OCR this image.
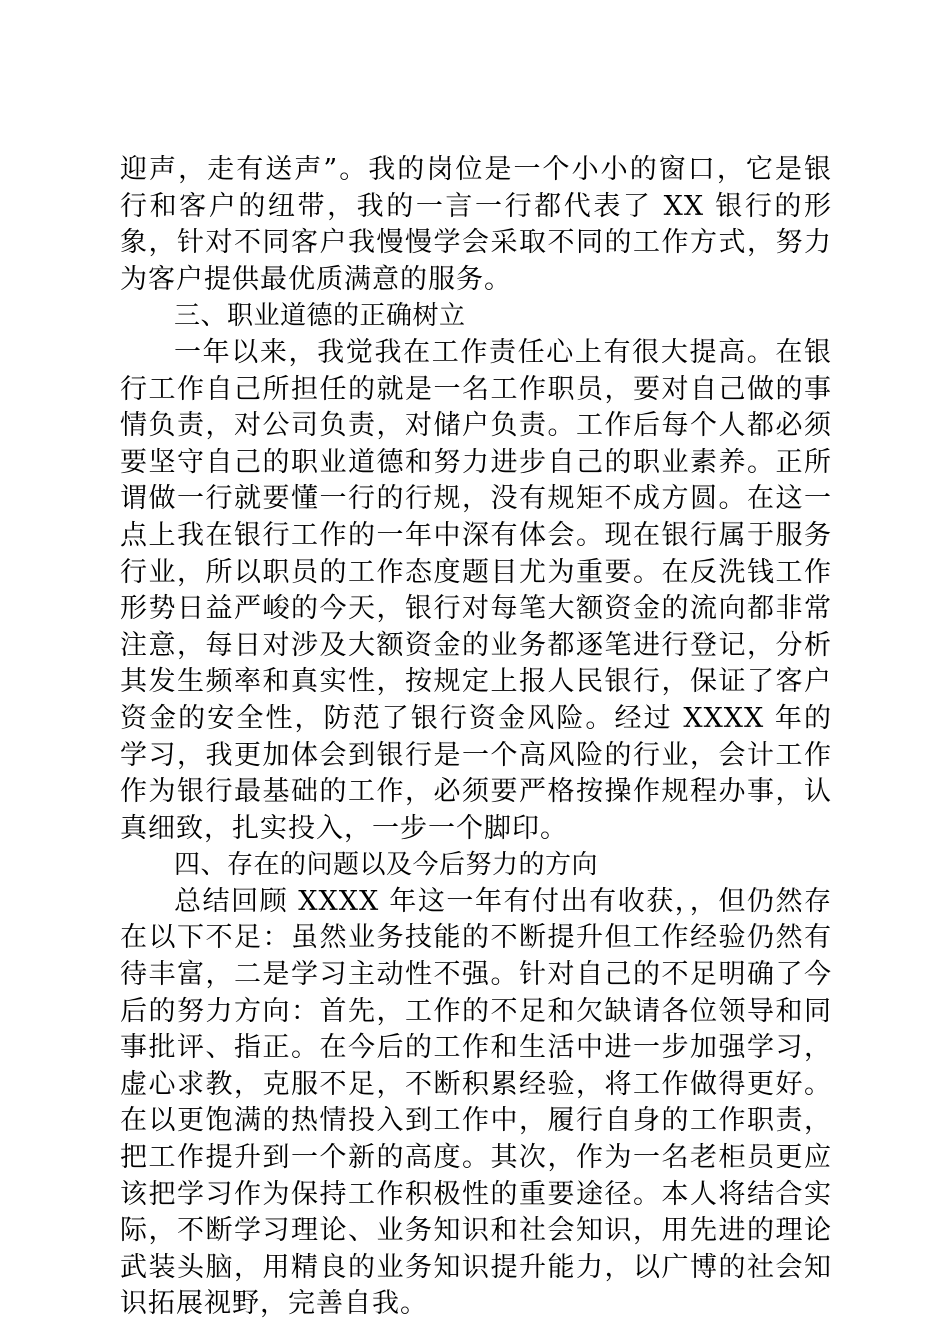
迎声，走有送声”。我的岗位是一个小小的窗口，它是银行和客户的纽带，我的一言一行都代表了 XX 银行的形象，针对不同客户我慢慢学会采取不同的工作方式，努力为客户提供最优质满意的服务。

三、职业道德的正确树立

一年以来，我觉我在工作责任心上有很大提高。在银行工作自己所担任的就是一名工作职员，要对自己做的事情负责，对公司负责，对储户负责。工作后每个人都必须要坚守自己的职业道德和努力进步自己的职业素养。正所谓做一行就要懂一行的行规，没有规矩不成方圆。在这一点上我在银行工作的一年中深有体会。现在银行属于服务行业，所以职员的工作态度题目尤为重要。在反洗钱工作形势日益严峻的今天，银行对每笔大额资金的流向都非常注意，每日对涉及大额资金的业务都逐笔进行登记，分析其发生频率和真实性，按规定上报人民银行，保证了客户资金的安全性，防范了银行资金风险。经过 XXXX 年的学习，我更加体会到银行是一个高风险的行业，会计工作作为银行最基础的工作，必须要严格按操作规程办事，认真细致，扎实投入，一步一个脚印。

四、存在的问题以及今后努力的方向

总结回顾 XXXX 年这一年有付出有收获，，但仍然存在以下不足：虽然业务技能的不断提升但工作经验仍然有待丰富，二是学习主动性不强。针对自己的不足明确了今后的努力方向：首先，工作的不足和欠缺请各位领导和同事批评、指正。在今后的工作和生活中进一步加强学习，虚心求教，克服不足，不断积累经验，将工作做得更好。在以更饱满的热情投入到工作中，履行自身的工作职责，把工作提升到一个新的高度。其次，作为一名老柜员更应该把学习作为保持工作积极性的重要途径。本人将结合实际，不断学习理论、业务知识和社会知识，用先进的理论武装头脑，用精良的业务知识提升能力，以广博的社会知识拓展视野，完善自我。
